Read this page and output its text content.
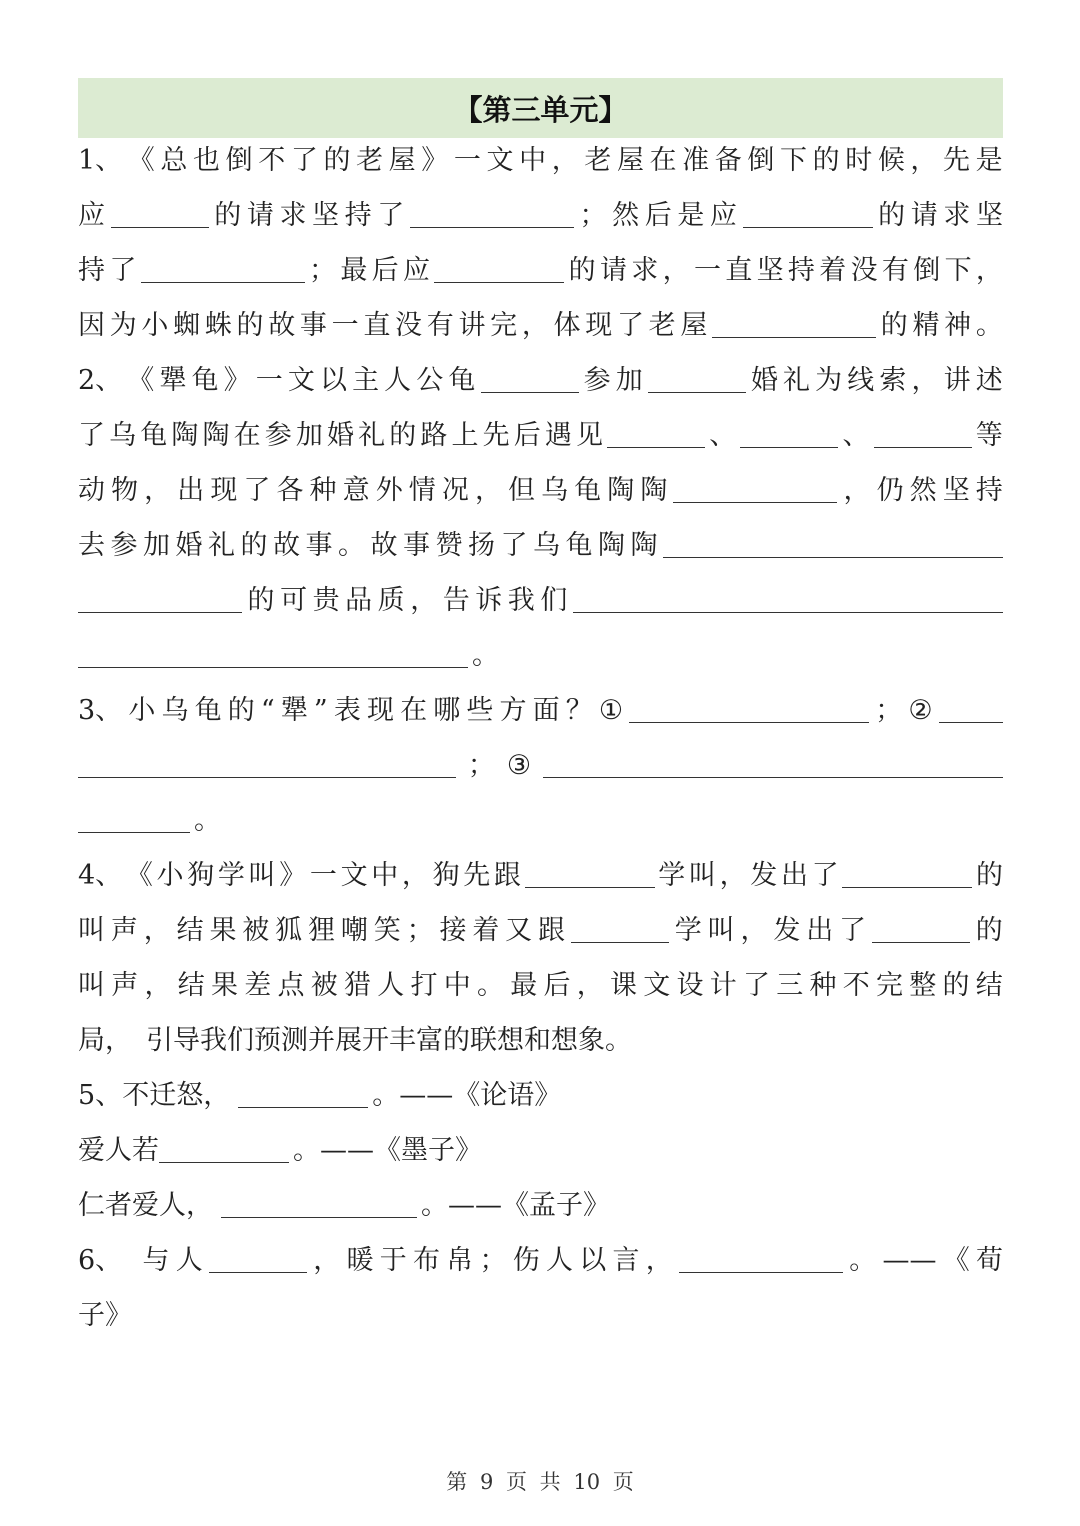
【第三单元】
1、 《 总 也 倒 不 了 的 老 屋 》 一 文 中 ， 老 屋 在 准 备 倒 下 的 时 候 ， 先 是
应	的 请 求 坚 持 了	； 然 后 是 应	的 请 求 坚
持 了	； 最 后 应	的 请 求 ， 一 直 坚 持 着 没 有 倒 下 ，
因 为 小 蜘 蛛 的 故 事 一 直 没 有 讲 完 ， 体 现 了 老 屋	的 精 神 。
2、 《 犟 龟 》 一 文 以 主 人 公 龟	参 加	婚 礼 为 线 索 ， 讲 述
了 乌 龟 陶 陶 在 参 加 婚 礼 的 路 上 先 后 遇 见	、	、	等
动 物 ， 出 现 了 各 种 意 外 情 况 ， 但 乌 龟 陶 陶	， 仍 然 坚 持
去 参 加 婚 礼 的 故 事 。 故 事 赞 扬 了 乌 龟 陶 陶
的 可 贵 品 质 ， 告 诉 我 们
。
3、 小 乌 龟 的 “ 犟 ” 表 现 在 哪 些 方 面 ？ ①	； ②
； ③
。
4、 《 小 狗 学 叫 》 一 文 中 ， 狗 先 跟	学 叫 ， 发 出 了	的
叫 声 ， 结 果 被 狐 狸 嘲 笑 ； 接 着 又 跟	学 叫 ， 发 出 了	的
叫 声 ， 结 果 差 点 被 猎 人 打 中 。 最 后 ， 课 文 设 计 了 三 种 不 完 整 的 结
局 ， 引 导 我 们 预 测 并 展 开 丰 富 的 联 想 和 想 象 。
5、 不 迁 怒 ，	。 —— 《 论 语 》
爱 人 若	。 —— 《 墨 子 》
仁 者 爱 人 ，	。 —— 《 孟 子 》
6、 与 人	， 暖 于 布 帛 ； 伤 人 以 言 ，	。 —— 《 荀
子 》
第 9 页 共 10 页
